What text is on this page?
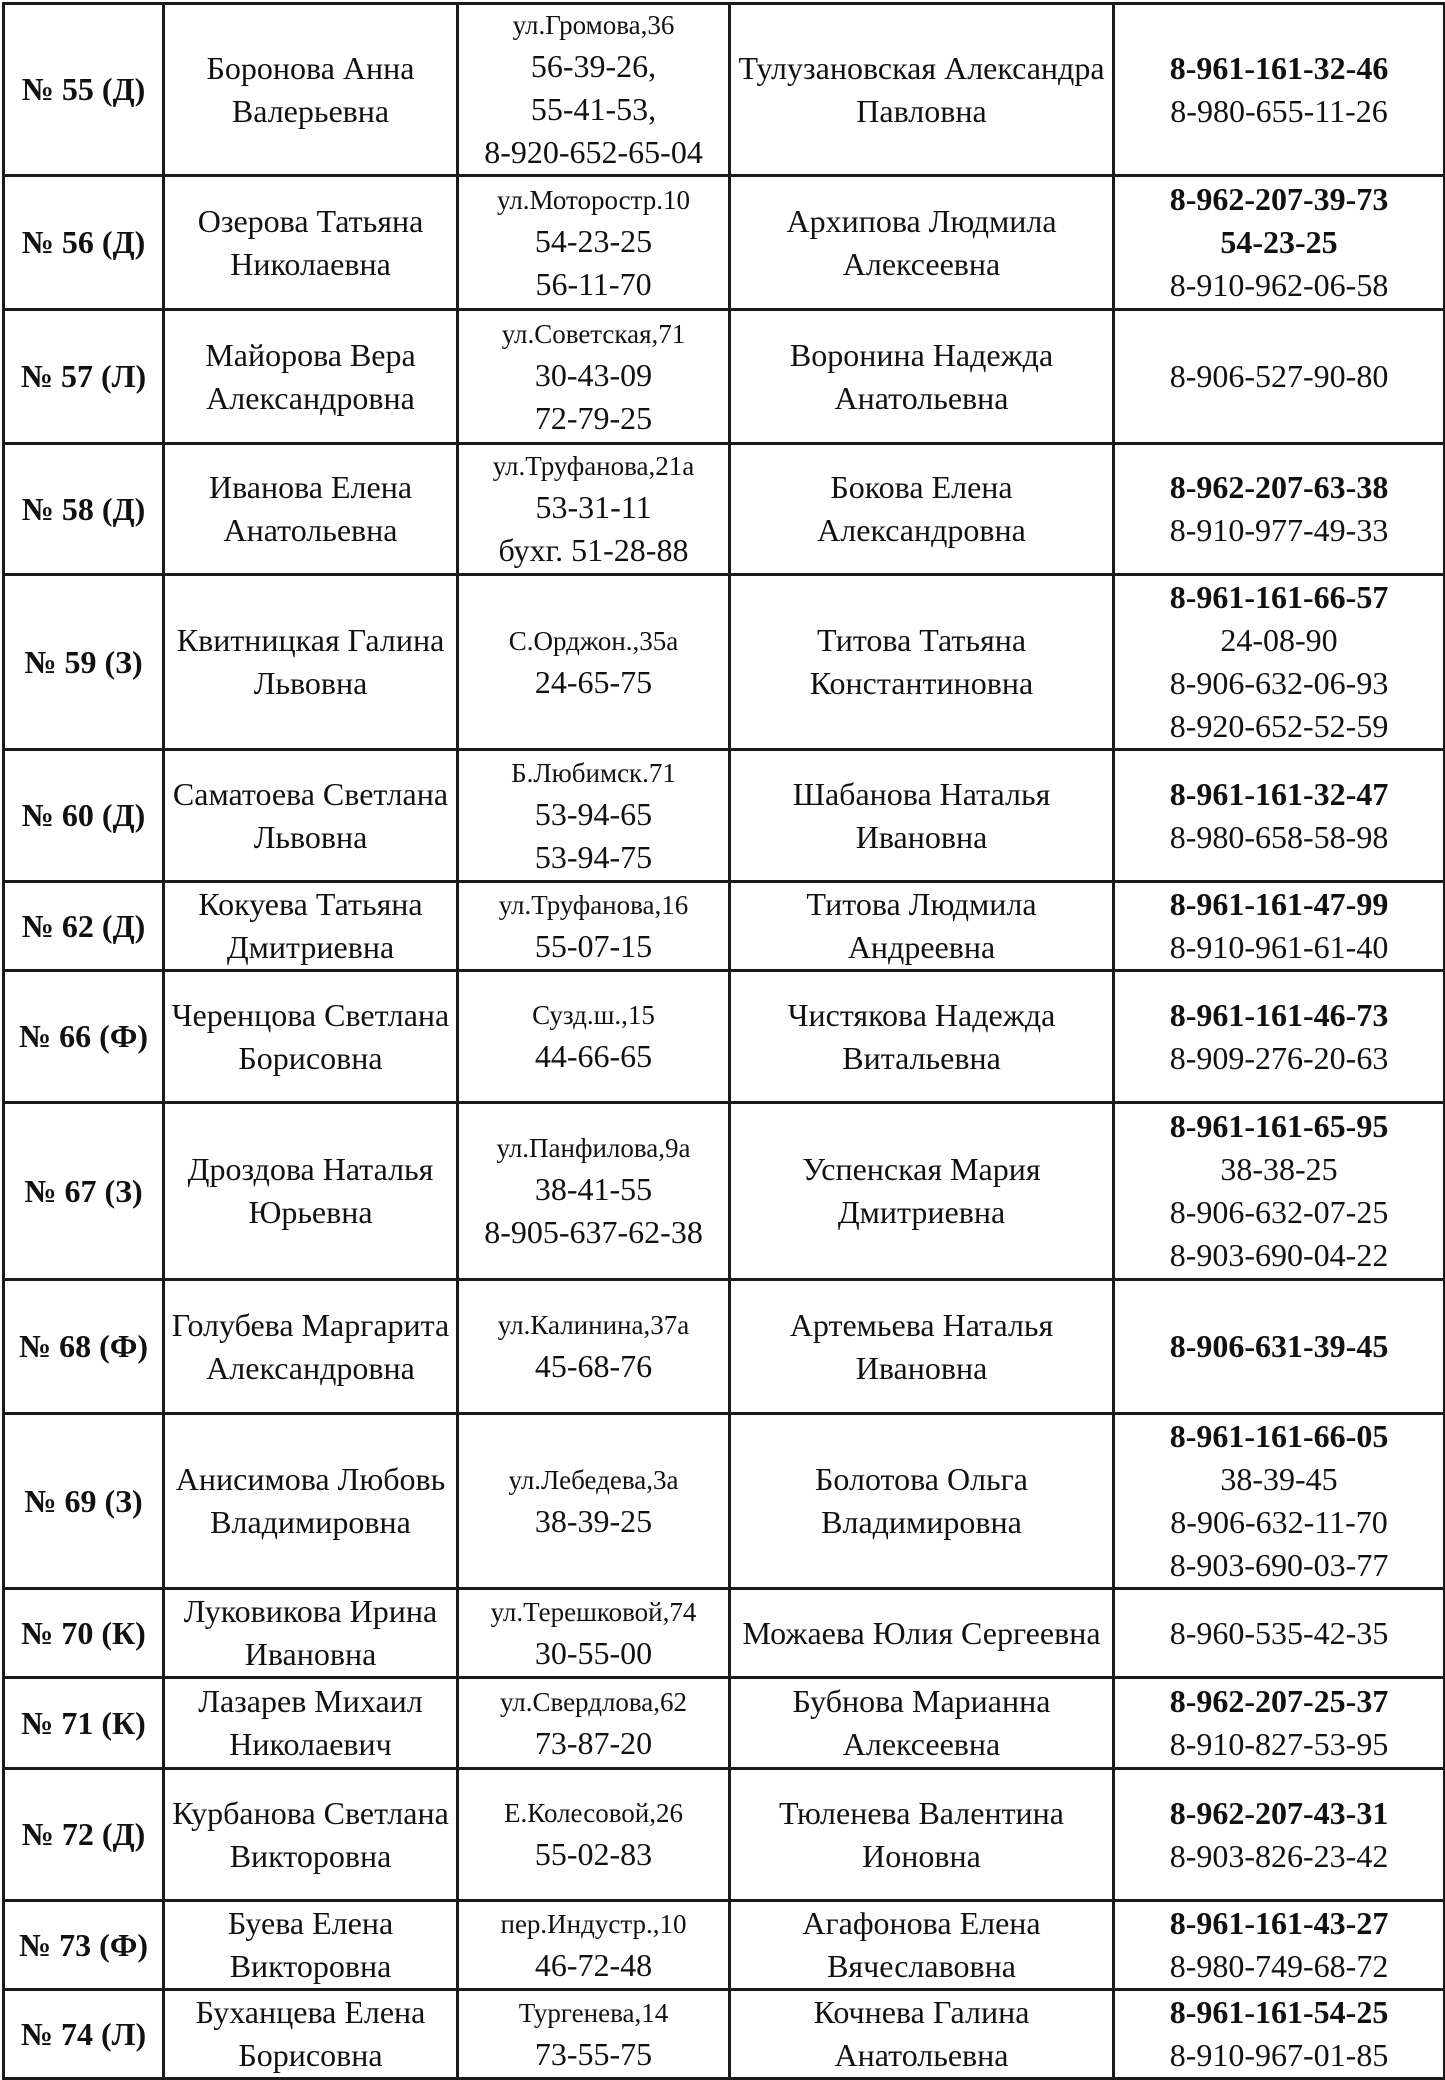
№ 55 (Д)	Боронова Анна Валерьевна	ул.Громова,36
56-39-26,
55-41-53,
8-920-652-65-04	Тулузановская Александра Павловна	8-961-161-32-46
8-980-655-11-26

№ 56 (Д)	Озерова Татьяна Николаевна	ул.Моторостр.10
54-23-25
56-11-70	Архипова Людмила Алексеевна	8-962-207-39-73
54-23-25
8-910-962-06-58

№ 57 (Л)	Майорова Вера Александровна	ул.Советская,71
30-43-09
72-79-25	Воронина Надежда Анатольевна	8-906-527-90-80

№ 58 (Д)	Иванова Елена Анатольевна	ул.Труфанова,21а
53-31-11
бухг. 51-28-88	Бокова Елена Александровна	8-962-207-63-38
8-910-977-49-33

№ 59 (З)	Квитницкая Галина Львовна	С.Орджон.,35а
24-65-75	Титова Татьяна Константиновна	8-961-161-66-57
24-08-90
8-906-632-06-93
8-920-652-52-59

№ 60 (Д)	Саматоева Светлана Львовна	Б.Любимск.71
53-94-65
53-94-75	Шабанова Наталья Ивановна	8-961-161-32-47
8-980-658-58-98

№ 62 (Д)	Кокуева Татьяна Дмитриевна	ул.Труфанова,16
55-07-15	Титова Людмила Андреевна	8-961-161-47-99
8-910-961-61-40

№ 66 (Ф)	Черенцова Светлана Борисовна	Сузд.ш.,15
44-66-65	Чистякова Надежда Витальевна	8-961-161-46-73
8-909-276-20-63

№ 67 (З)	Дроздова Наталья Юрьевна	ул.Панфилова,9а
38-41-55
8-905-637-62-38	Успенская Мария Дмитриевна	8-961-161-65-95
38-38-25
8-906-632-07-25
8-903-690-04-22

№ 68 (Ф)	Голубева Маргарита Александровна	ул.Калинина,37а
45-68-76	Артемьева Наталья Ивановна	8-906-631-39-45

№ 69 (З)	Анисимова Любовь Владимировна	ул.Лебедева,3а
38-39-25	Болотова Ольга Владимировна	8-961-161-66-05
38-39-45
8-906-632-11-70
8-903-690-03-77

№ 70 (К)	Луковикова Ирина Ивановна	ул.Терешковой,74
30-55-00	Можаева Юлия Сергеевна	8-960-535-42-35

№ 71 (К)	Лазарев Михаил Николаевич	ул.Свердлова,62
73-87-20	Бубнова Марианна Алексеевна	8-962-207-25-37
8-910-827-53-95

№ 72 (Д)	Курбанова Светлана Викторовна	Е.Колесовой,26
55-02-83	Тюленева Валентина Ионовна	8-962-207-43-31
8-903-826-23-42

№ 73 (Ф)	Буева Елена Викторовна	пер.Индустр.,10
46-72-48	Агафонова Елена Вячеславовна	8-961-161-43-27
8-980-749-68-72

№ 74 (Л)	Буханцева Елена Борисовна	Тургенева,14
73-55-75	Кочнева Галина Анатольевна	8-961-161-54-25
8-910-967-01-85
